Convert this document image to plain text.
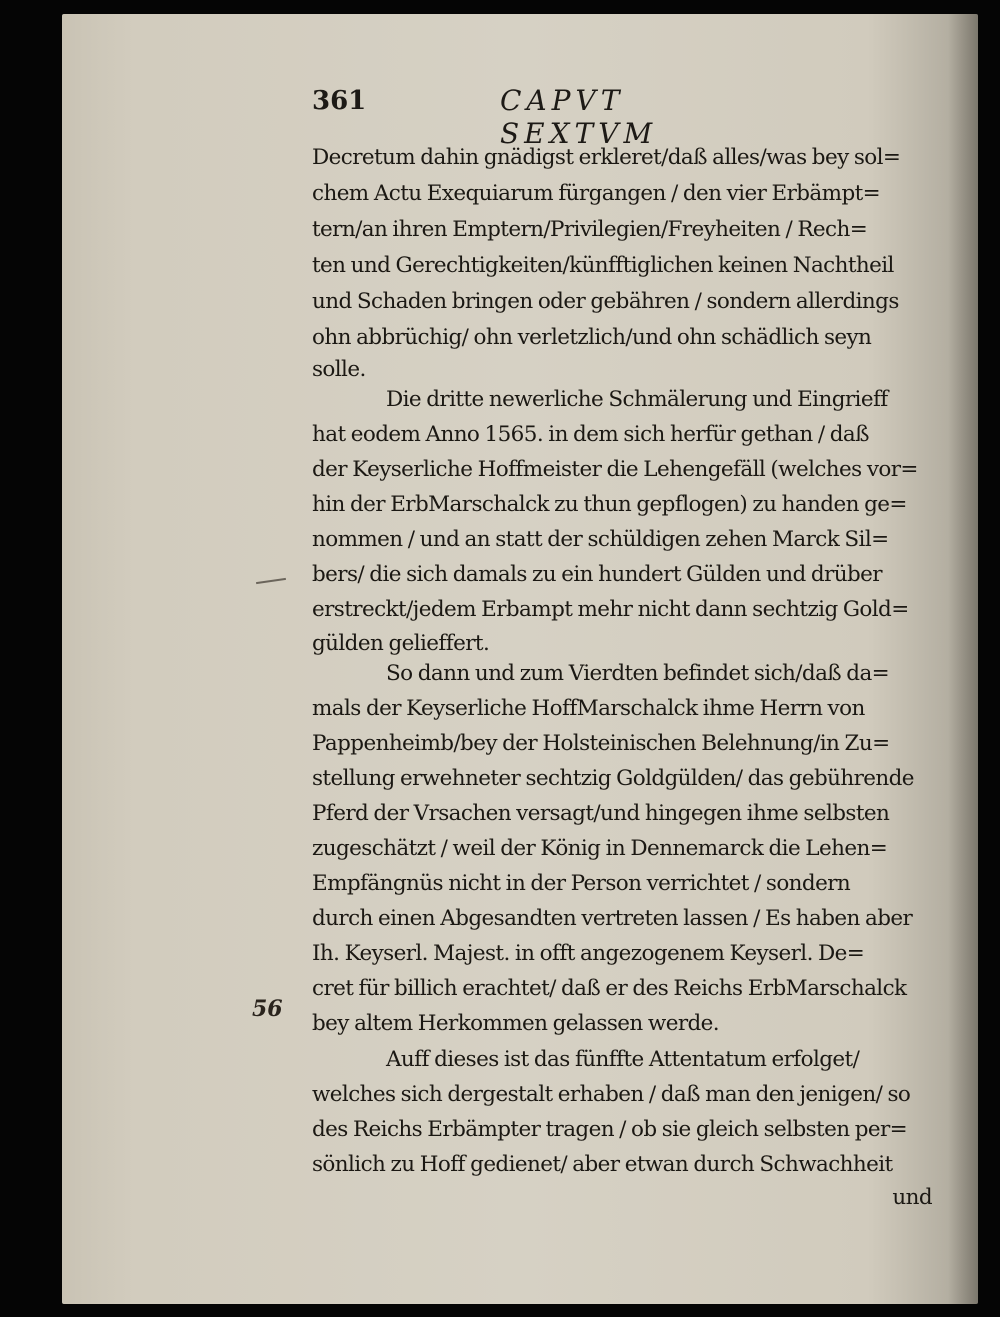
361	CAPVT SEXTVM
56
Decretum dahin gnädigst erkleret/daß alles/was bey sol=
chem Actu Exequiarum fürgangen / den vier Erbämpt=
tern/an ihren Emptern/Privilegien/Freyheiten / Rech=
ten und Gerechtigkeiten/künfftiglichen keinen Nachtheil
und Schaden bringen oder gebähren / sondern allerdings
ohn abbrüchig/ ohn verletzlich/und ohn schädlich seyn
solle.
Die dritte newerliche Schmälerung und Eingrieff
hat eodem Anno 1565. in dem sich herfür gethan / daß
der Keyserliche Hoffmeister die Lehengefäll (welches vor=
hin der ErbMarschalck zu thun gepflogen) zu handen ge=
nommen / und an statt der schüldigen zehen Marck Sil=
bers/ die sich damals zu ein hundert Gülden und drüber
erstreckt/jedem Erbampt mehr nicht dann sechtzig Gold=
gülden gelieffert.
So dann und zum Vierdten befindet sich/daß da=
mals der Keyserliche HoffMarschalck ihme Herrn von
Pappenheimb/bey der Holsteinischen Belehnung/in Zu=
stellung erwehneter sechtzig Goldgülden/ das gebührende
Pferd der Vrsachen versagt/und hingegen ihme selbsten
zugeschätzt / weil der König in Dennemarck die Lehen=
Empfängnüs nicht in der Person verrichtet / sondern
durch einen Abgesandten vertreten lassen / Es haben aber
Ih. Keyserl. Majest. in offt angezogenem Keyserl. De=
cret für billich erachtet/ daß er des Reichs ErbMarschalck
bey altem Herkommen gelassen werde.
Auff dieses ist das fünffte Attentatum erfolget/
welches sich dergestalt erhaben / daß man den jenigen/ so
des Reichs Erbämpter tragen / ob sie gleich selbsten per=
sönlich zu Hoff gedienet/ aber etwan durch Schwachheit
und
